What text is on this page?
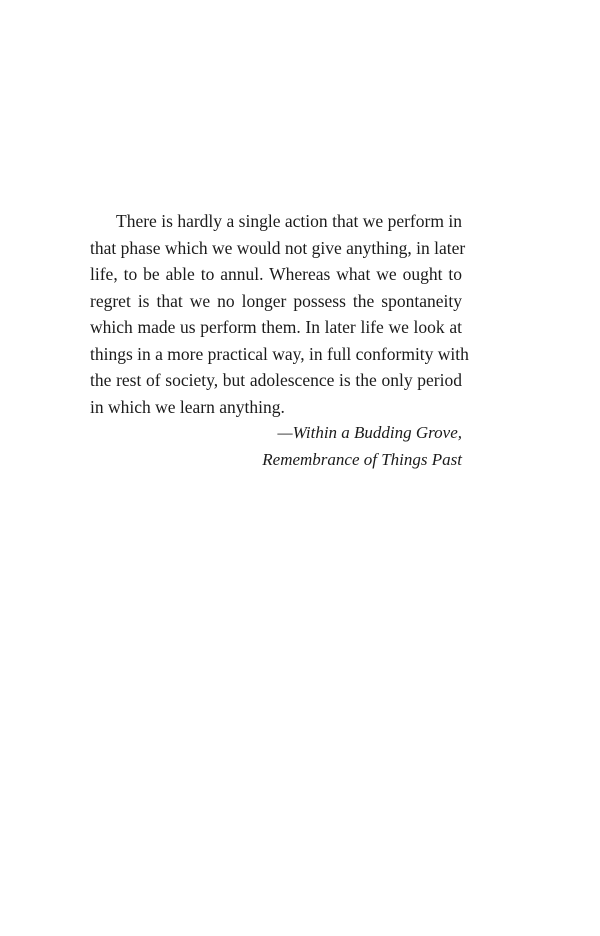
There is hardly a single action that we perform in
that phase which we would not give anything, in later
life, to be able to annul. Whereas what we ought to
regret is that we no longer possess the spontaneity
which made us perform them. In later life we look at
things in a more practical way, in full conformity with
the rest of society, but adolescence is the only period
in which we learn anything.

—Within a Budding Grove,
Remembrance of Things Past
